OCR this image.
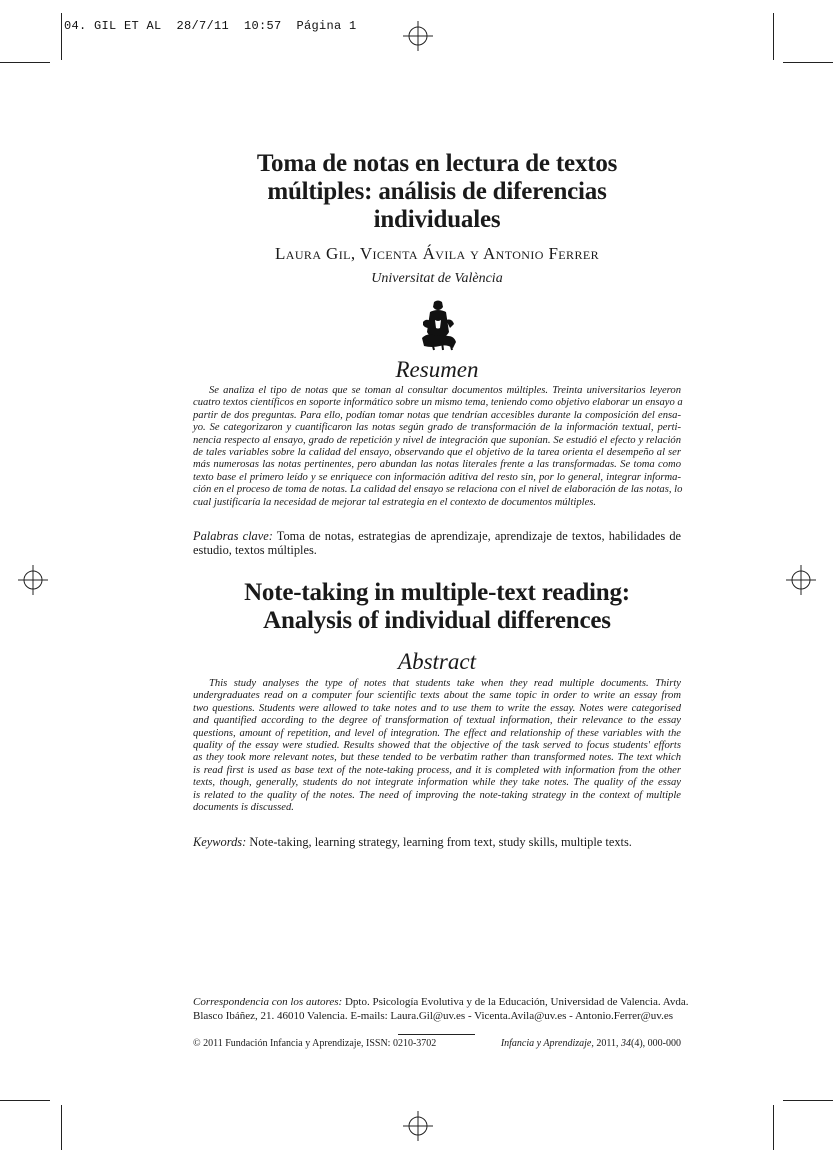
04. GIL ET AL  28/7/11  10:57  Página 1
Toma de notas en lectura de textos
múltiples: análisis de diferencias
individuales
Laura Gil, Vicenta Ávila y Antonio Ferrer
Universitat de València
Resumen
Se analiza el tipo de notas que se toman al consultar documentos múltiples. Treinta universitarios leyeron
cuatro textos científicos en soporte informático sobre un mismo tema, teniendo como objetivo elaborar un ensayo a
partir de dos preguntas. Para ello, podían tomar notas que tendrían accesibles durante la composición del ensa-
yo. Se categorizaron y cuantificaron las notas según grado de transformación de la información textual, perti-
nencia respecto al ensayo, grado de repetición y nivel de integración que suponían. Se estudió el efecto y relación
de tales variables sobre la calidad del ensayo, observando que el objetivo de la tarea orienta el desempeño al ser
más numerosas las notas pertinentes, pero abundan las notas literales frente a las transformadas. Se toma como
texto base el primero leído y se enriquece con información aditiva del resto sin, por lo general, integrar informa-
ción en el proceso de toma de notas. La calidad del ensayo se relaciona con el nivel de elaboración de las notas, lo
cual justificaría la necesidad de mejorar tal estrategia en el contexto de documentos múltiples.
Palabras clave: Toma de notas, estrategias de aprendizaje, aprendizaje de textos, habilidades de
estudio, textos múltiples.
Note-taking in multiple-text reading:
Analysis of individual differences
Abstract
This study analyses the type of notes that students take when they read multiple documents. Thirty
undergraduates read on a computer four scientific texts about the same topic in order to write an essay from
two questions. Students were allowed to take notes and to use them to write the essay. Notes were categorised
and quantified according to the degree of transformation of textual information, their relevance to the essay
questions, amount of repetition, and level of integration. The effect and relationship of these variables with the
quality of the essay were studied. Results showed that the objective of the task served to focus students' efforts
as they took more relevant notes, but these tended to be verbatim rather than transformed notes. The text which
is read first is used as base text of the note-taking process, and it is completed with information from the other
texts, though, generally, students do not integrate information while they take notes. The quality of the essay
is related to the quality of the notes. The need of improving the note-taking strategy in the context of multiple
documents is discussed.
Keywords: Note-taking, learning strategy, learning from text, study skills, multiple texts.
Correspondencia con los autores: Dpto. Psicología Evolutiva y de la Educación, Universidad de Valencia. Avda.
Blasco Ibáñez, 21. 46010 Valencia. E-mails: Laura.Gil@uv.es - Vicenta.Avila@uv.es - Antonio.Ferrer@uv.es
© 2011 Fundación Infancia y Aprendizaje, ISSN: 0210-3702	Infancia y Aprendizaje, 2011, 34(4), 000-000
